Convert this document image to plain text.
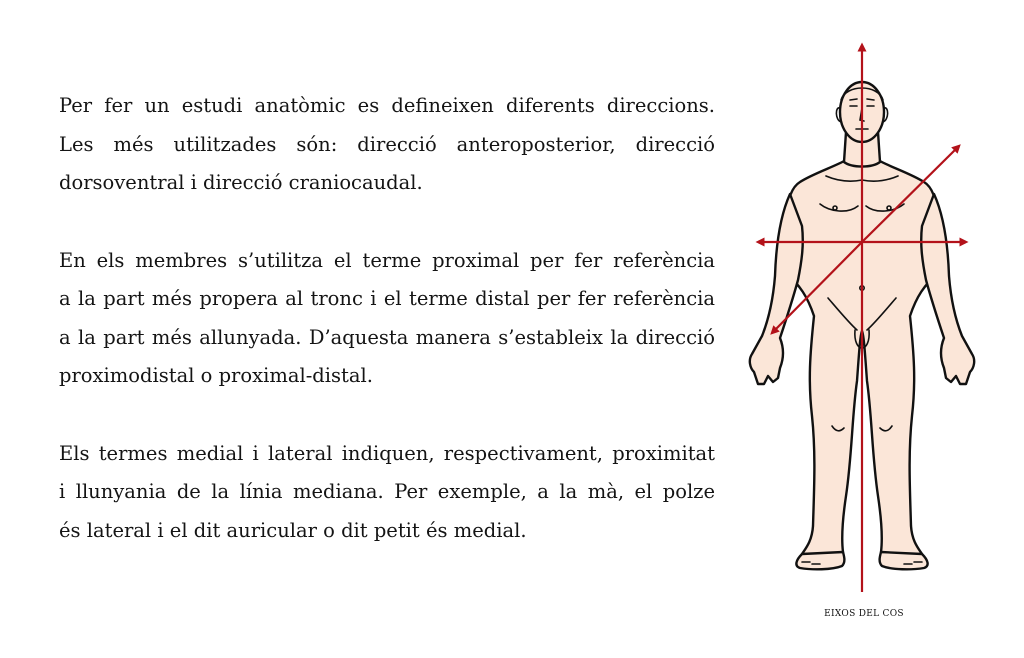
Per fer un estudi anatòmic es defineixen diferents direccions.
Les més utilitzades són: direcció anteroposterior, direcció
dorsoventral i direcció craniocaudal.

En els membres s’utilitza el terme proximal per fer referència
a la part més propera al tronc i el terme distal per fer referència
a la part més allunyada. D’aquesta manera s’estableix la direcció
proximodistal o proximal-distal.

Els termes medial i lateral indiquen, respectivament, proximitat
i llunyania de la línia mediana. Per exemple, a la mà, el polze
és lateral i el dit auricular o dit petit és medial.

EIXOS DEL COS
